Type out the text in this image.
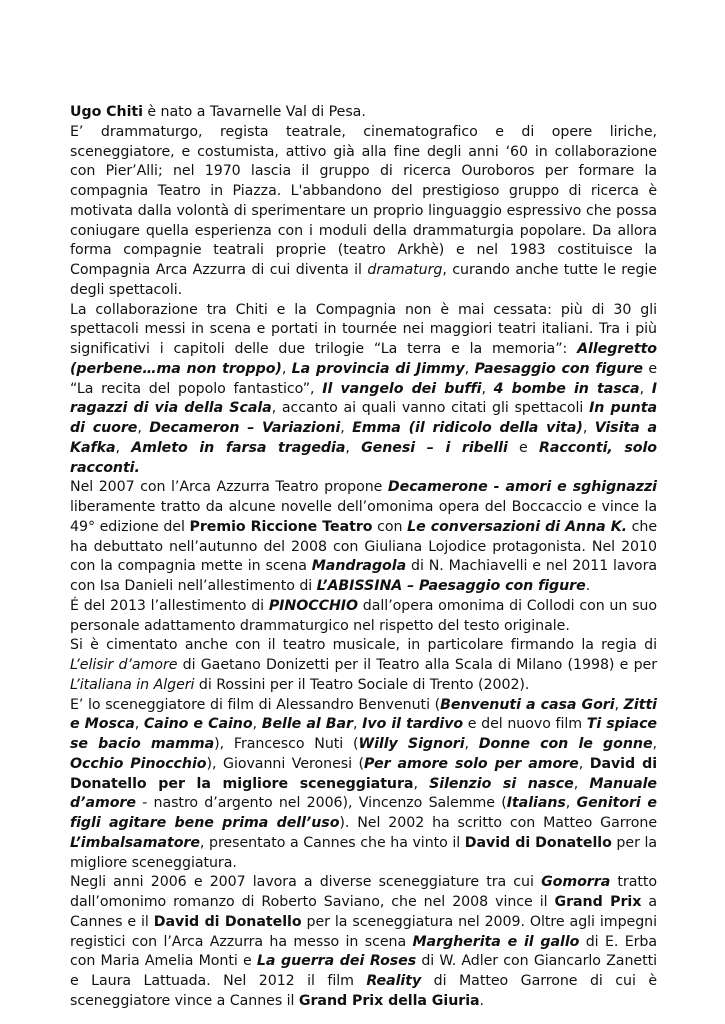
Ugo Chiti è nato a Tavarnelle Val di Pesa.

E’ drammaturgo, regista teatrale, cinematografico e di opere liriche, sceneggiatore, e costumista, attivo già alla fine degli anni ‘60 in collaborazione con Pier’Alli; nel 1970 lascia il gruppo di ricerca Ouroboros per formare la compagnia Teatro in Piazza. L'abbandono del prestigioso gruppo di ricerca è motivata dalla volontà di sperimentare un proprio linguaggio espressivo che possa coniugare quella esperienza con i moduli della drammaturgia popolare. Da allora forma compagnie teatrali proprie (teatro Arkhè) e nel 1983 costituisce la Compagnia Arca Azzurra di cui diventa il dramaturg, curando anche tutte le regie degli spettacoli.

La collaborazione tra Chiti e la Compagnia non è mai cessata: più di 30 gli spettacoli messi in scena e portati in tournée nei maggiori teatri italiani. Tra i più significativi i capitoli delle due trilogie “La terra e la memoria”: Allegretto (perbene…ma non troppo), La provincia di Jimmy, Paesaggio con figure e “La recita del popolo fantastico”, Il vangelo dei buffi, 4 bombe in tasca, I ragazzi di via della Scala, accanto ai quali vanno citati gli spettacoli In punta di cuore, Decameron – Variazioni, Emma (il ridicolo della vita), Visita a Kafka, Amleto in farsa tragedia, Genesi – i ribelli e Racconti, solo racconti.

Nel 2007 con l’Arca Azzurra Teatro propone Decamerone - amori e sghignazzi liberamente tratto da alcune novelle dell’omonima opera del Boccaccio e vince la 49° edizione del Premio Riccione Teatro con Le conversazioni di Anna K. che ha debuttato nell’autunno del 2008 con Giuliana Lojodice protagonista. Nel 2010 con la compagnia mette in scena Mandragola di N. Machiavelli e nel 2011 lavora con Isa Danieli nell’allestimento di L’ABISSINA – Paesaggio con figure.

É del 2013 l’allestimento di PINOCCHIO dall’opera omonima di Collodi con un suo personale adattamento drammaturgico nel rispetto del testo originale.

Si è cimentato anche con il teatro musicale, in particolare firmando la regia di L’elisir d’amore di Gaetano Donizetti per il Teatro alla Scala di Milano (1998) e per L’italiana in Algeri di Rossini per il Teatro Sociale di Trento (2002).

E’ lo sceneggiatore di film di Alessandro Benvenuti (Benvenuti a casa Gori, Zitti e Mosca, Caino e Caino, Belle al Bar, Ivo il tardivo e del nuovo film Ti spiace se bacio mamma), Francesco Nuti (Willy Signori, Donne con le gonne, Occhio Pinocchio), Giovanni Veronesi (Per amore solo per amore, David di Donatello per la migliore sceneggiatura, Silenzio si nasce, Manuale d’amore - nastro d’argento nel 2006), Vincenzo Salemme (Italians, Genitori e figli agitare bene prima dell’uso). Nel 2002 ha scritto con Matteo Garrone L’imbalsamatore, presentato a Cannes che ha vinto il David di Donatello per la migliore sceneggiatura.

Negli anni 2006 e 2007 lavora a diverse sceneggiature tra cui Gomorra tratto dall’omonimo romanzo di Roberto Saviano, che nel 2008 vince il Grand Prix a Cannes e il David di Donatello per la sceneggiatura nel 2009. Oltre agli impegni registici con l’Arca Azzurra ha messo in scena Margherita e il gallo di E. Erba con Maria Amelia Monti e La guerra dei Roses di W. Adler con Giancarlo Zanetti e Laura Lattuada. Nel 2012 il film Reality di Matteo Garrone di cui è sceneggiatore vince a Cannes il Grand Prix della Giuria.
